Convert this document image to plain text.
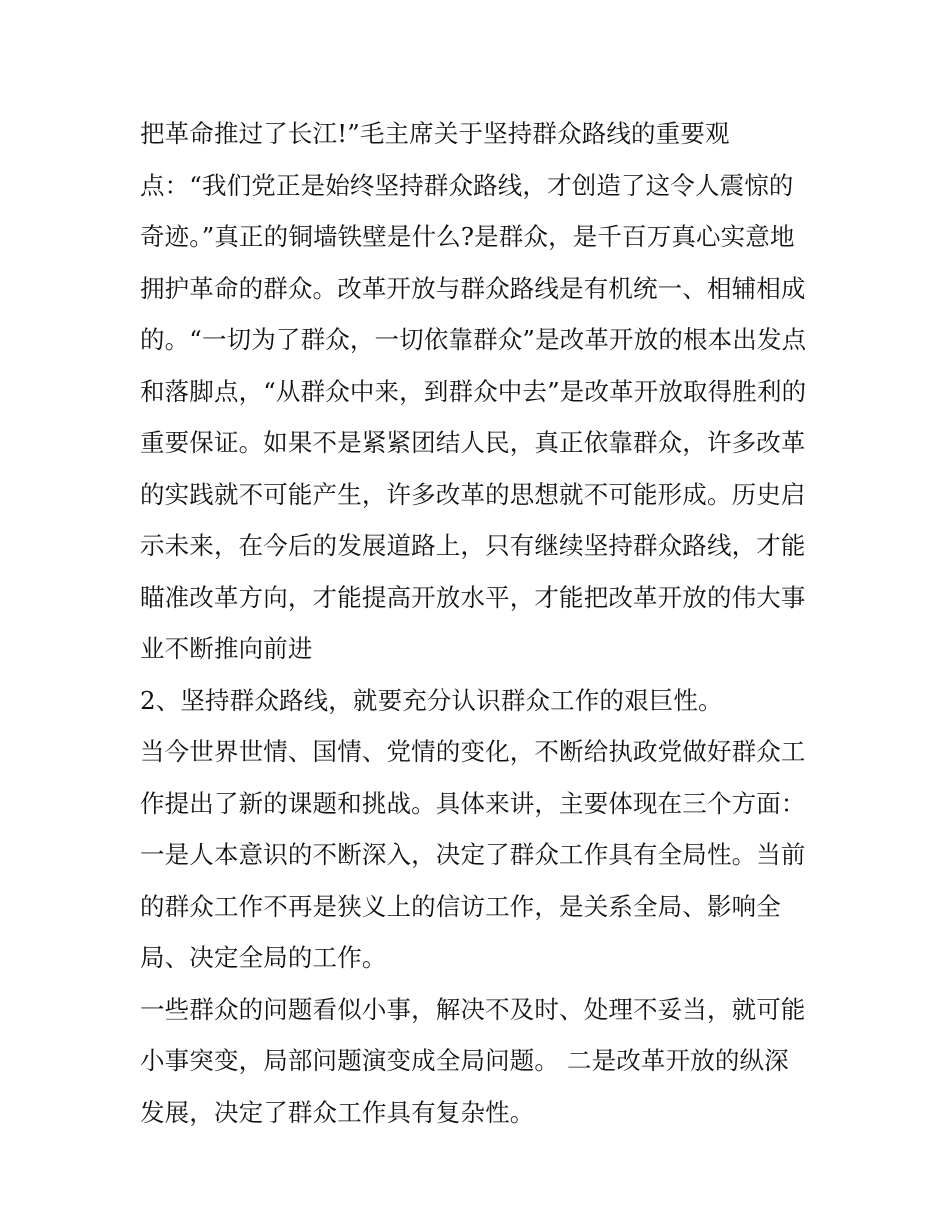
把革命推过了长江!”毛主席关于坚持群众路线的重要观
点：“我们党正是始终坚持群众路线，才创造了这令人震惊的
奇迹。”真正的铜墙铁壁是什么?是群众，是千百万真心实意地
拥护革命的群众。改革开放与群众路线是有机统一、相辅相成
的。“一切为了群众，一切依靠群众”是改革开放的根本出发点
和落脚点，“从群众中来，到群众中去”是改革开放取得胜利的
重要保证。如果不是紧紧团结人民，真正依靠群众，许多改革
的实践就不可能产生，许多改革的思想就不可能形成。历史启
示未来，在今后的发展道路上，只有继续坚持群众路线，才能
瞄准改革方向，才能提高开放水平，才能把改革开放的伟大事
业不断推向前进
2、坚持群众路线，就要充分认识群众工作的艰巨性。
当今世界世情、国情、党情的变化，不断给执政党做好群众工
作提出了新的课题和挑战。具体来讲，主要体现在三个方面：
一是人本意识的不断深入，决定了群众工作具有全局性。当前
的群众工作不再是狭义上的信访工作，是关系全局、影响全
局、决定全局的工作。
一些群众的问题看似小事，解决不及时、处理不妥当，就可能
小事突变，局部问题演变成全局问题。 二是改革开放的纵深
发展，决定了群众工作具有复杂性。
